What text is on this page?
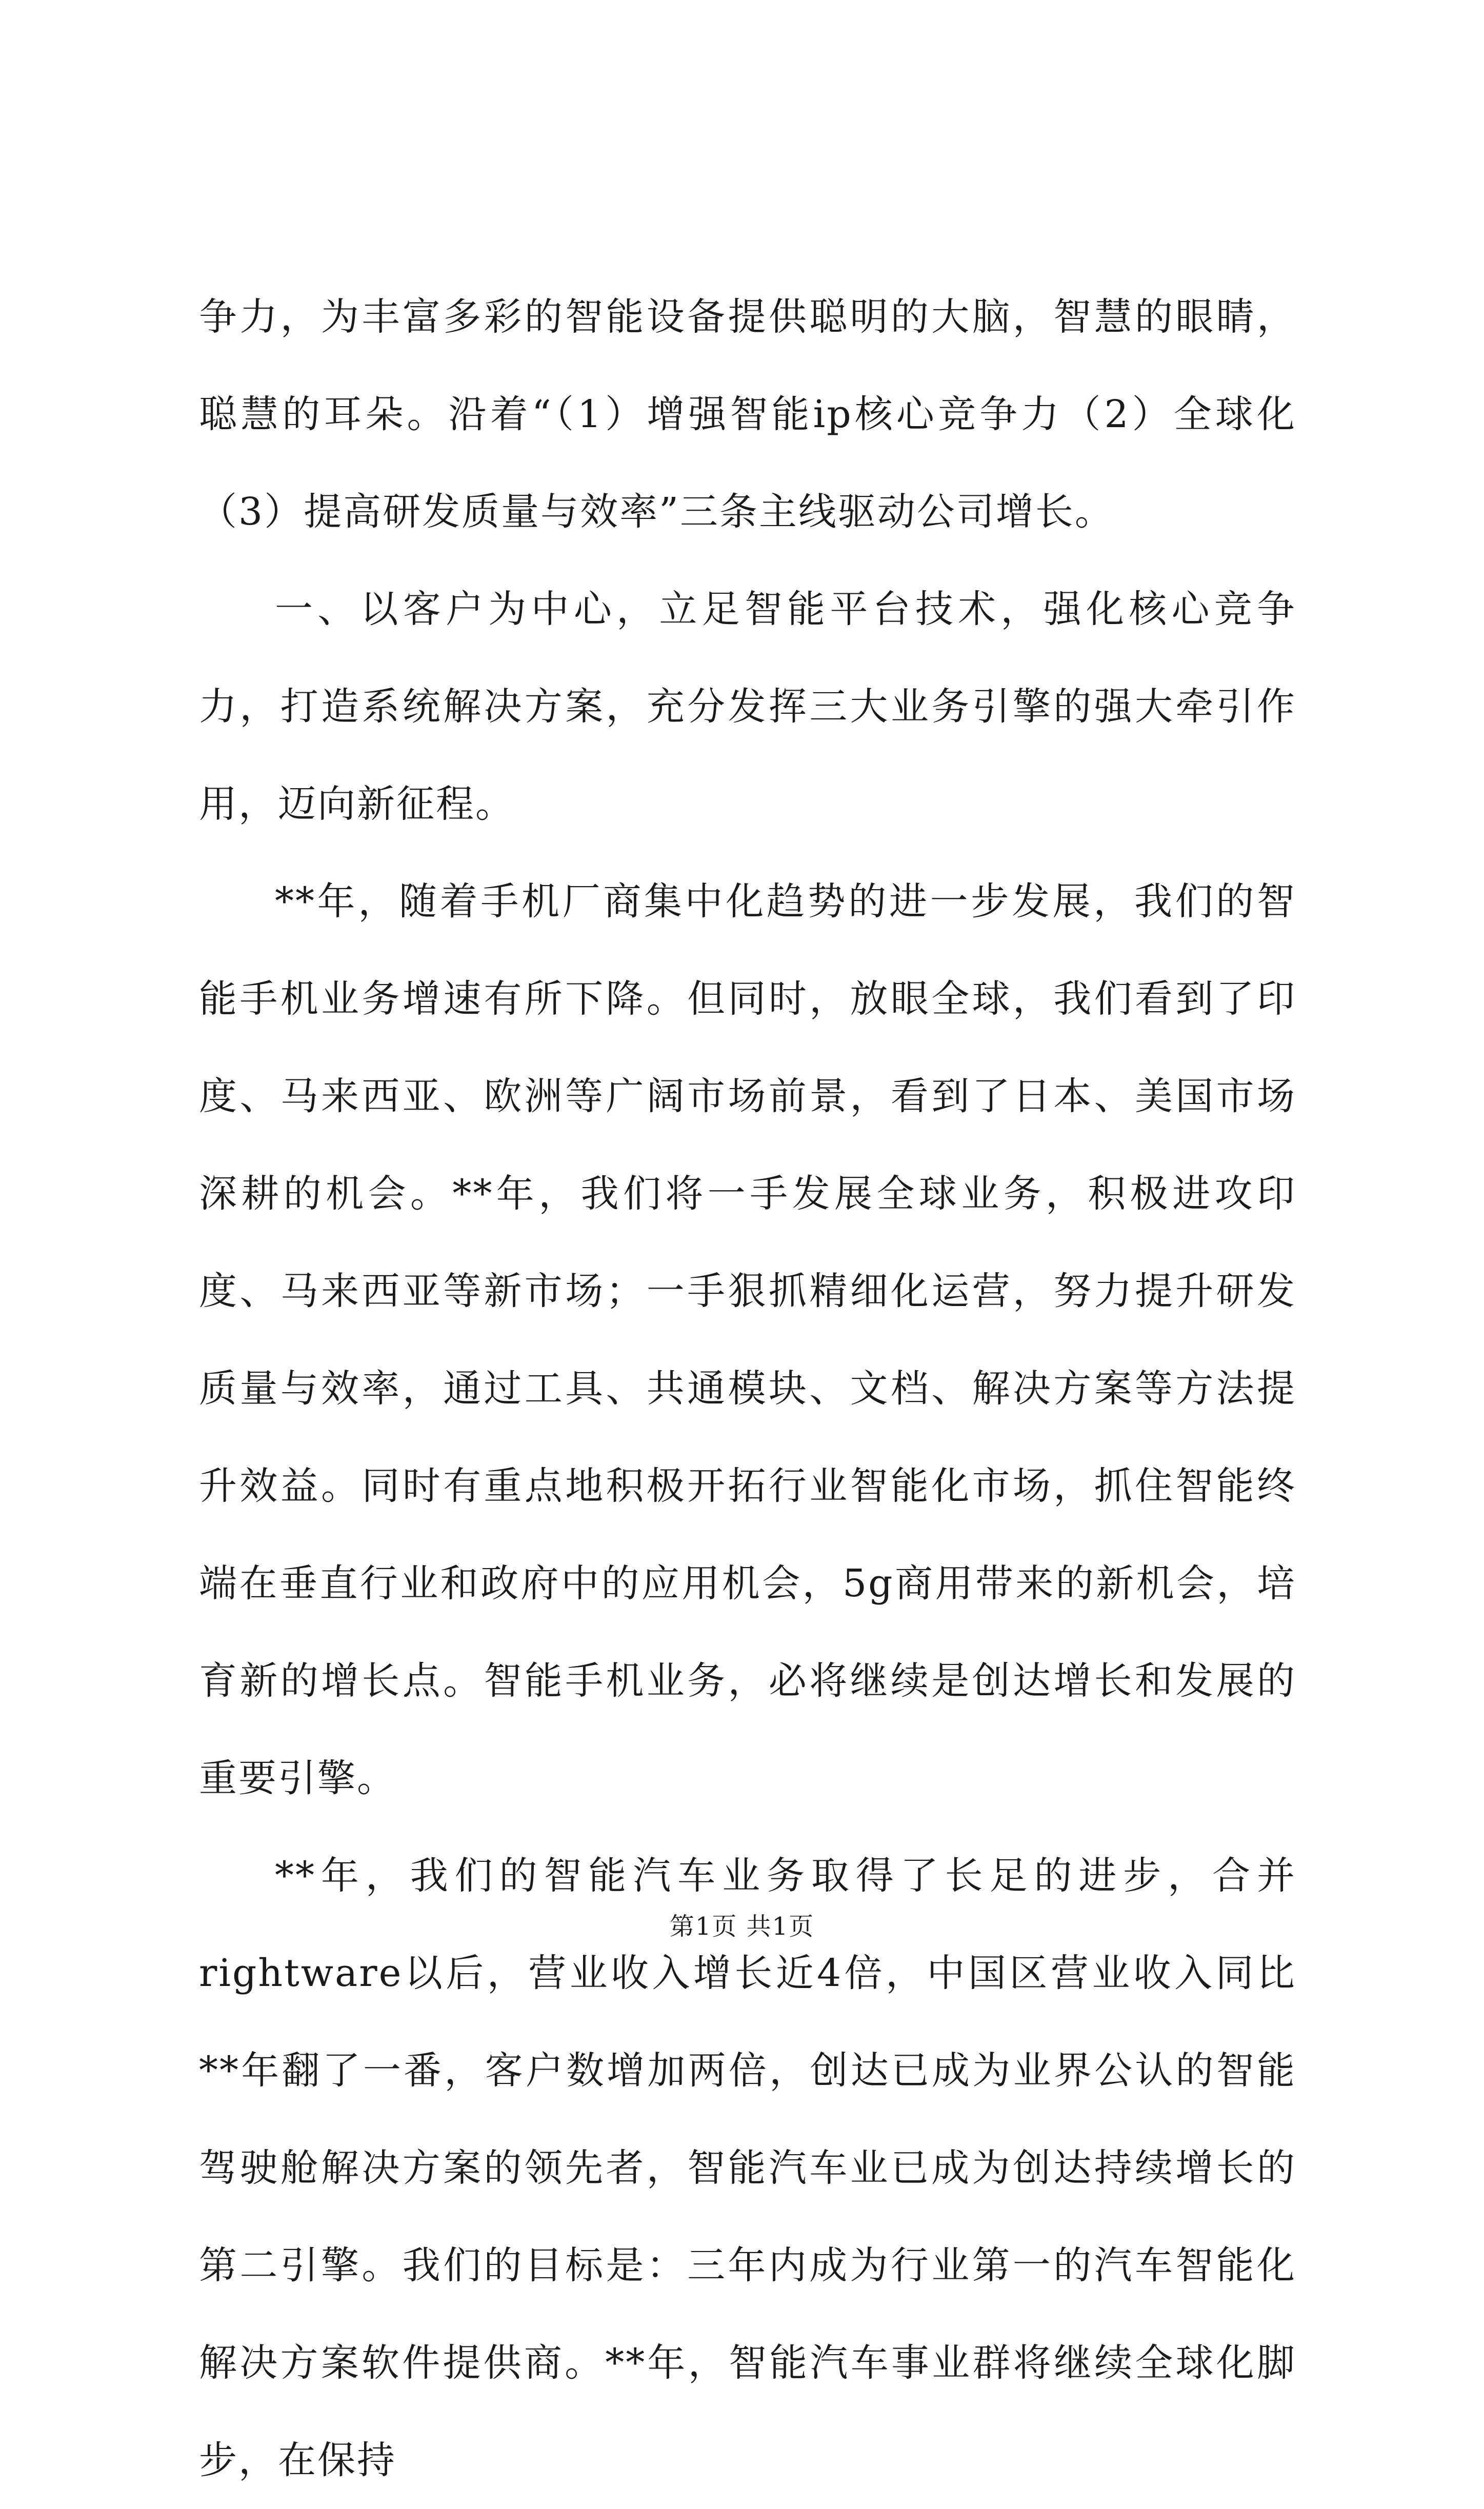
争力，为丰富多彩的智能设备提供聪明的大脑，智慧的眼睛，聪慧的耳朵。沿着“（1）增强智能ip核心竞争力（2）全球化（3）提高研发质量与效率”三条主线驱动公司增长。

一、以客户为中心，立足智能平台技术，强化核心竞争力，打造系统解决方案，充分发挥三大业务引擎的强大牵引作用，迈向新征程。

**年，随着手机厂商集中化趋势的进一步发展，我们的智能手机业务增速有所下降。但同时，放眼全球，我们看到了印度、马来西亚、欧洲等广阔市场前景，看到了日本、美国市场深耕的机会。**年，我们将一手发展全球业务，积极进攻印度、马来西亚等新市场；一手狠抓精细化运营，努力提升研发质量与效率，通过工具、共通模块、文档、解决方案等方法提升效益。同时有重点地积极开拓行业智能化市场，抓住智能终端在垂直行业和政府中的应用机会，5g商用带来的新机会，培育新的增长点。智能手机业务，必将继续是创达增长和发展的重要引擎。

**年，我们的智能汽车业务取得了长足的进步，合并rightware以后，营业收入增长近4倍，中国区营业收入同比**年翻了一番，客户数增加两倍，创达已成为业界公认的智能驾驶舱解决方案的领先者，智能汽车业已成为创达持续增长的第二引擎。我们的目标是：三年内成为行业第一的汽车智能化解决方案软件提供商。**年，智能汽车事业群将继续全球化脚步，在保持

第1页 共1页
